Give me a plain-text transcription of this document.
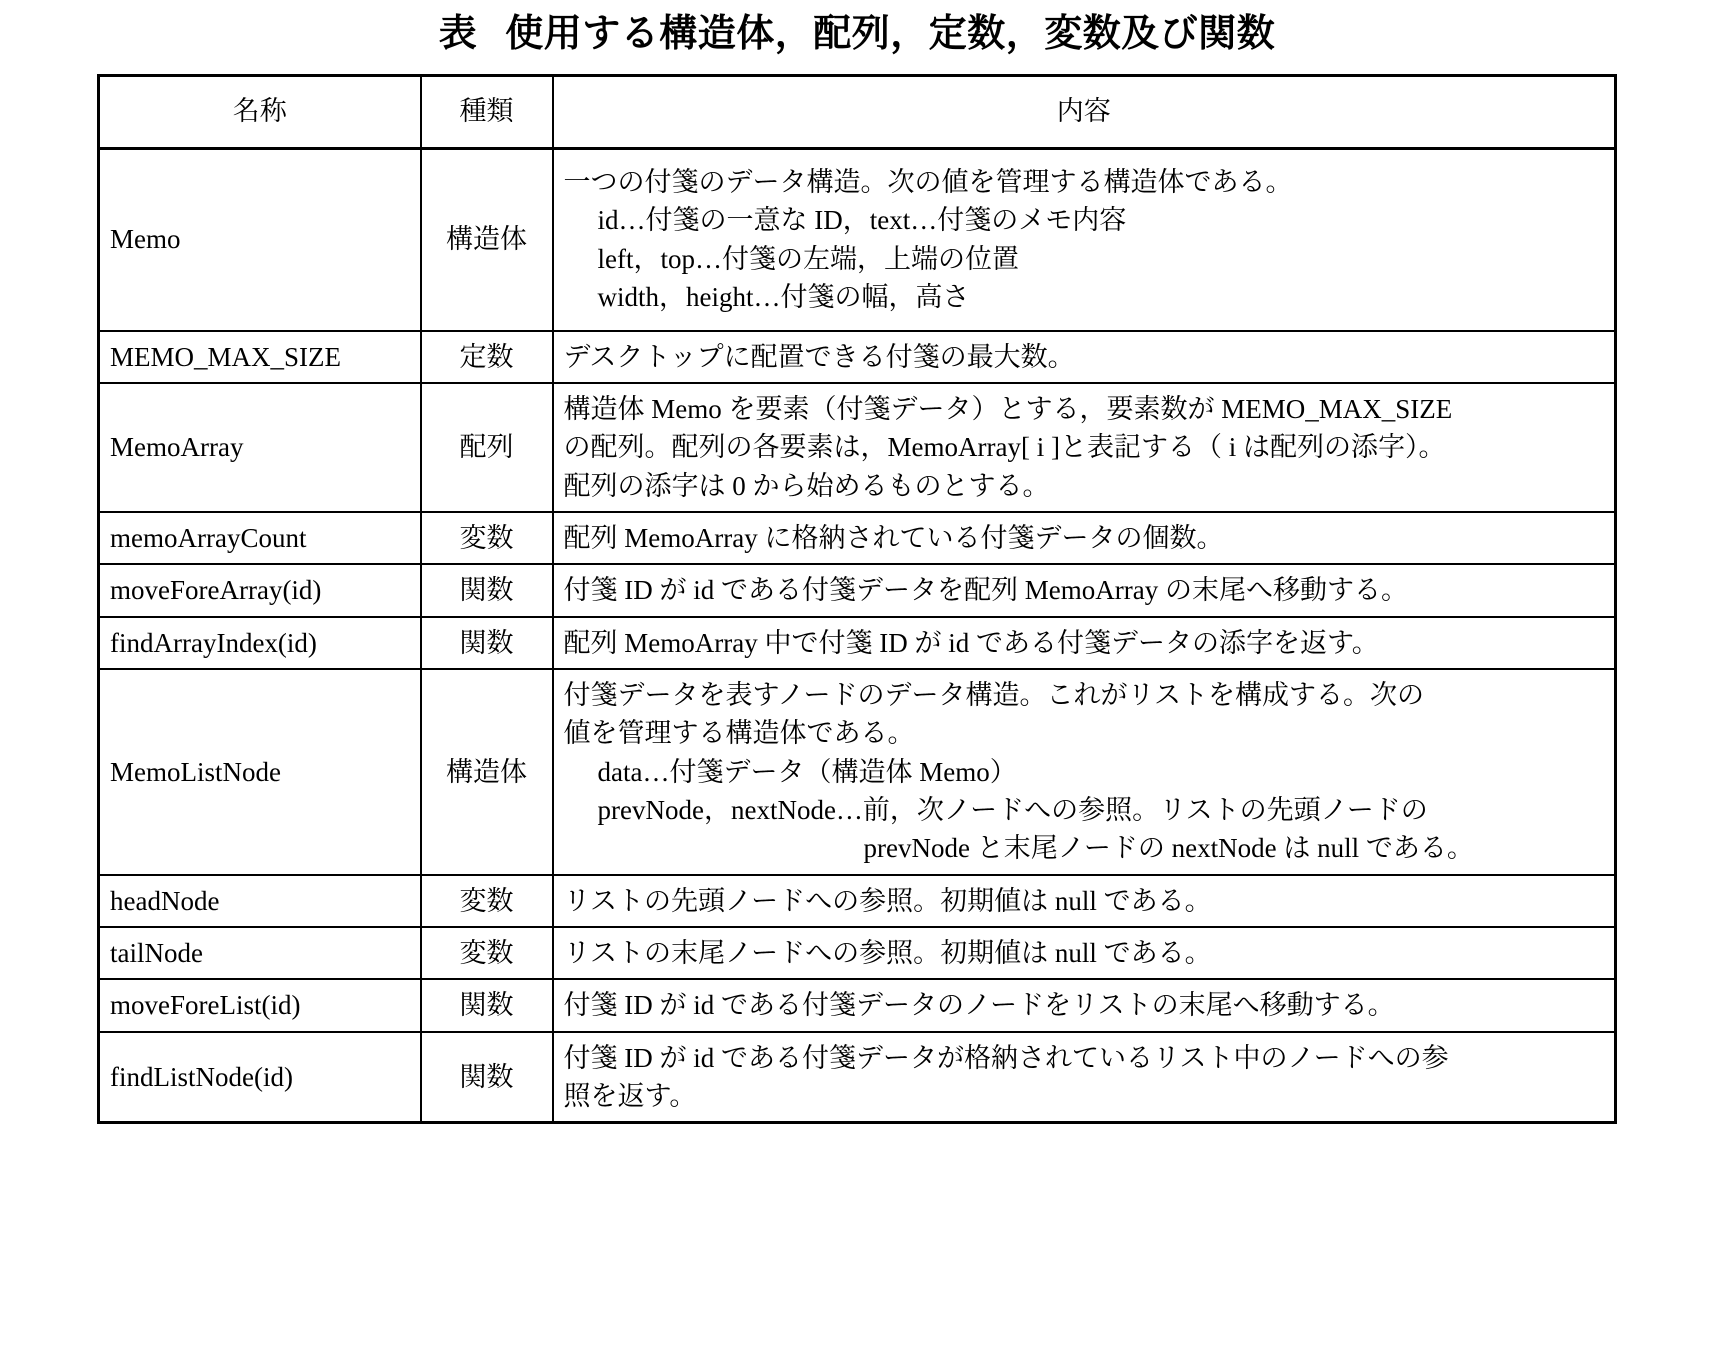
表 使用する構造体，配列，定数，変数及び関数
名称	種類	内容
Memo	構造体	一つの付箋のデータ構造。次の値を管理する構造体である。
id…付箋の一意な ID，text…付箋のメモ内容
left，top…付箋の左端，上端の位置
width，height…付箋の幅，高さ

MEMO_MAX_SIZE	定数	デスクトップに配置できる付箋の最大数。

MemoArray	配列	構造体 Memo を要素（付箋データ）とする，要素数が MEMO_MAX_SIZE
の配列。配列の各要素は，MemoArray[ i ]と表記する（ i は配列の添字）。
配列の添字は 0 から始めるものとする。

memoArrayCount	変数	配列 MemoArray に格納されている付箋データの個数。

moveForeArray(id)	関数	付箋 ID が id である付箋データを配列 MemoArray の末尾へ移動する。

findArrayIndex(id)	関数	配列 MemoArray 中で付箋 ID が id である付箋データの添字を返す。

MemoListNode	構造体	付箋データを表すノードのデータ構造。これがリストを構成する。次の
値を管理する構造体である。
data…付箋データ（構造体 Memo）
prevNode，nextNode…前，次ノードへの参照。リストの先頭ノードの
prevNode と末尾ノードの nextNode は null である。

headNode	変数	リストの先頭ノードへの参照。初期値は null である。

tailNode	変数	リストの末尾ノードへの参照。初期値は null である。

moveForeList(id)	関数	付箋 ID が id である付箋データのノードをリストの末尾へ移動する。

findListNode(id)	関数	付箋 ID が id である付箋データが格納されているリスト中のノードへの参
照を返す。
